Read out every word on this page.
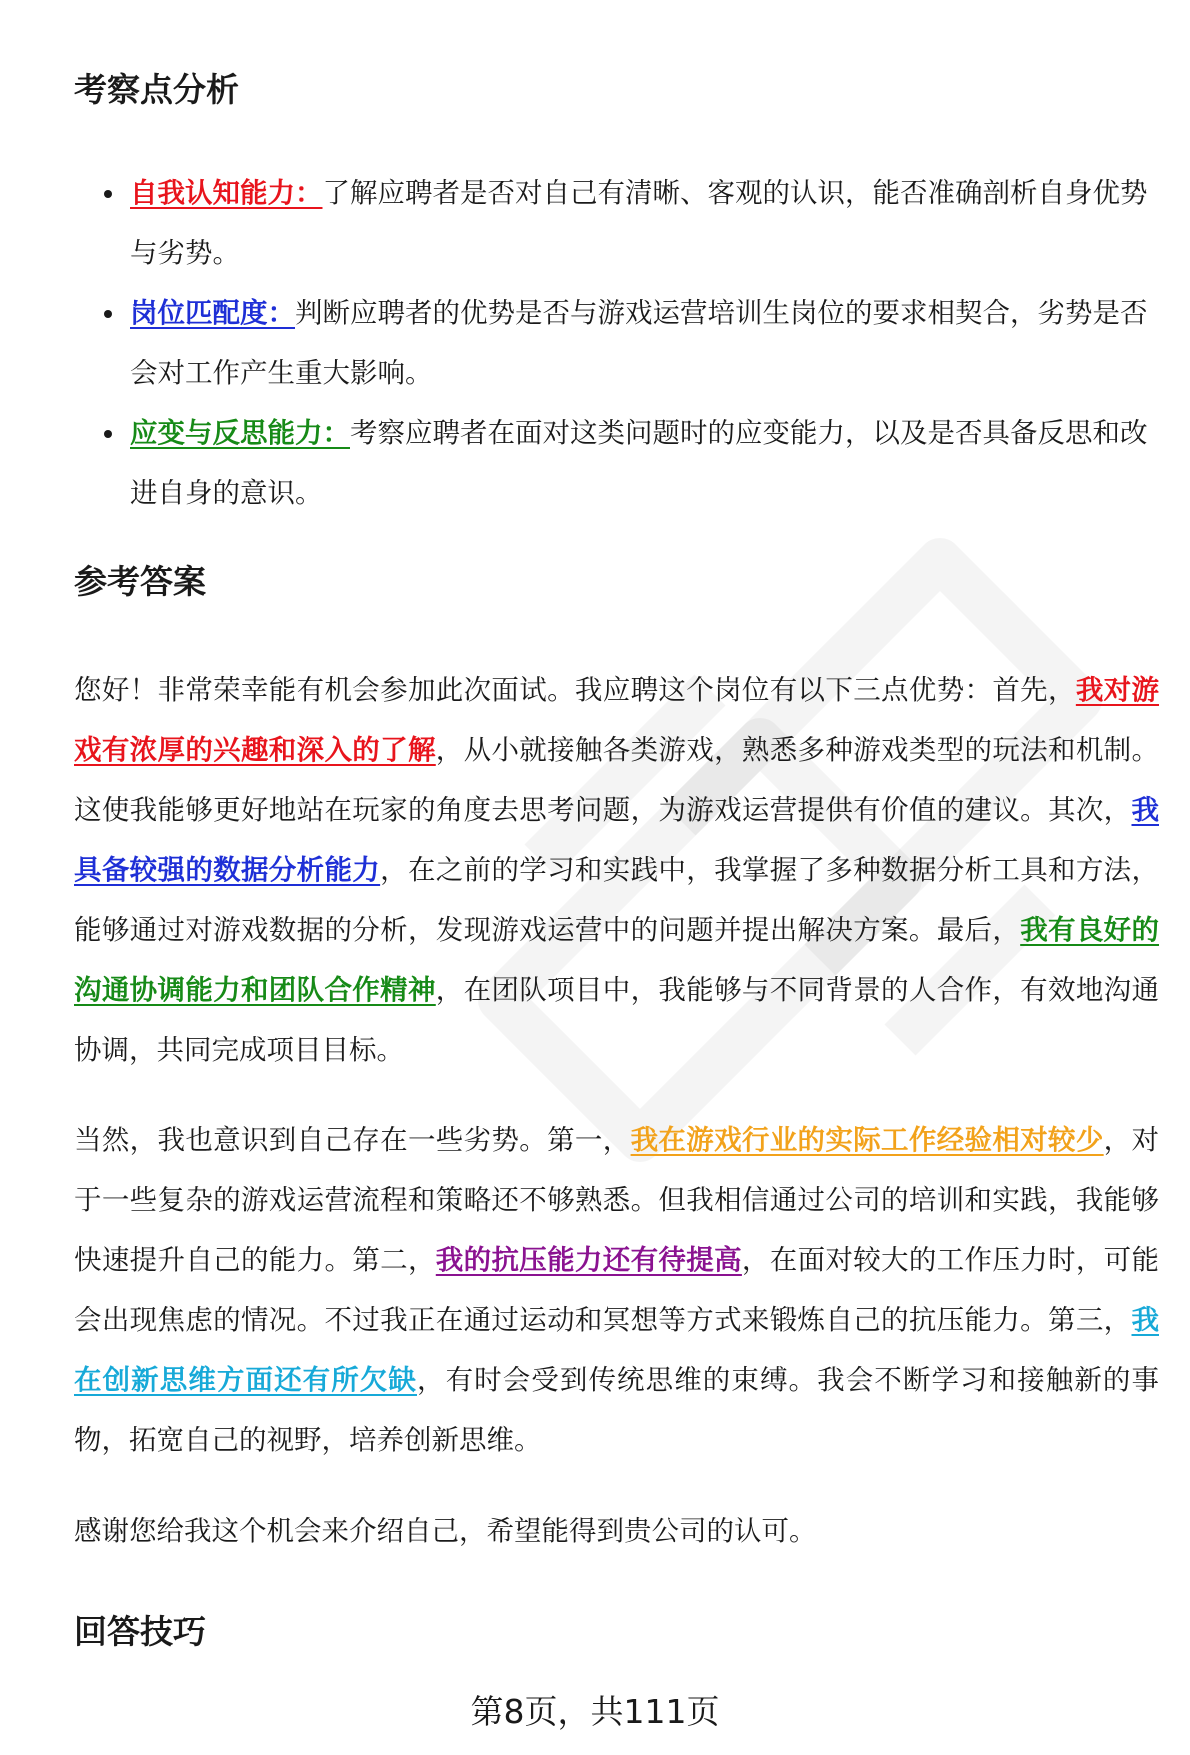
考察点分析
自我认知能力：了解应聘者是否对自己有清晰、客观的认识，能否准确剖析自身优势与劣势。
岗位匹配度：判断应聘者的优势是否与游戏运营培训生岗位的要求相契合，劣势是否会对工作产生重大影响。
应变与反思能力：考察应聘者在面对这类问题时的应变能力，以及是否具备反思和改进自身的意识。
参考答案

您好！非常荣幸能有机会参加此次面试。我应聘这个岗位有以下三点优势：首先，我对游戏有浓厚的兴趣和深入的了解，从小就接触各类游戏，熟悉多种游戏类型的玩法和机制。这使我能够更好地站在玩家的角度去思考问题，为游戏运营提供有价值的建议。其次，我具备较强的数据分析能力，在之前的学习和实践中，我掌握了多种数据分析工具和方法，能够通过对游戏数据的分析，发现游戏运营中的问题并提出解决方案。最后，我有良好的沟通协调能力和团队合作精神，在团队项目中，我能够与不同背景的人合作，有效地沟通协调，共同完成项目目标。

当然，我也意识到自己存在一些劣势。第一，我在游戏行业的实际工作经验相对较少，对于一些复杂的游戏运营流程和策略还不够熟悉。但我相信通过公司的培训和实践，我能够快速提升自己的能力。第二，我的抗压能力还有待提高，在面对较大的工作压力时，可能会出现焦虑的情况。不过我正在通过运动和冥想等方式来锻炼自己的抗压能力。第三，我在创新思维方面还有所欠缺，有时会受到传统思维的束缚。我会不断学习和接触新的事物，拓宽自己的视野，培养创新思维。

感谢您给我这个机会来介绍自己，希望能得到贵公司的认可。

回答技巧

第8页，共111页
